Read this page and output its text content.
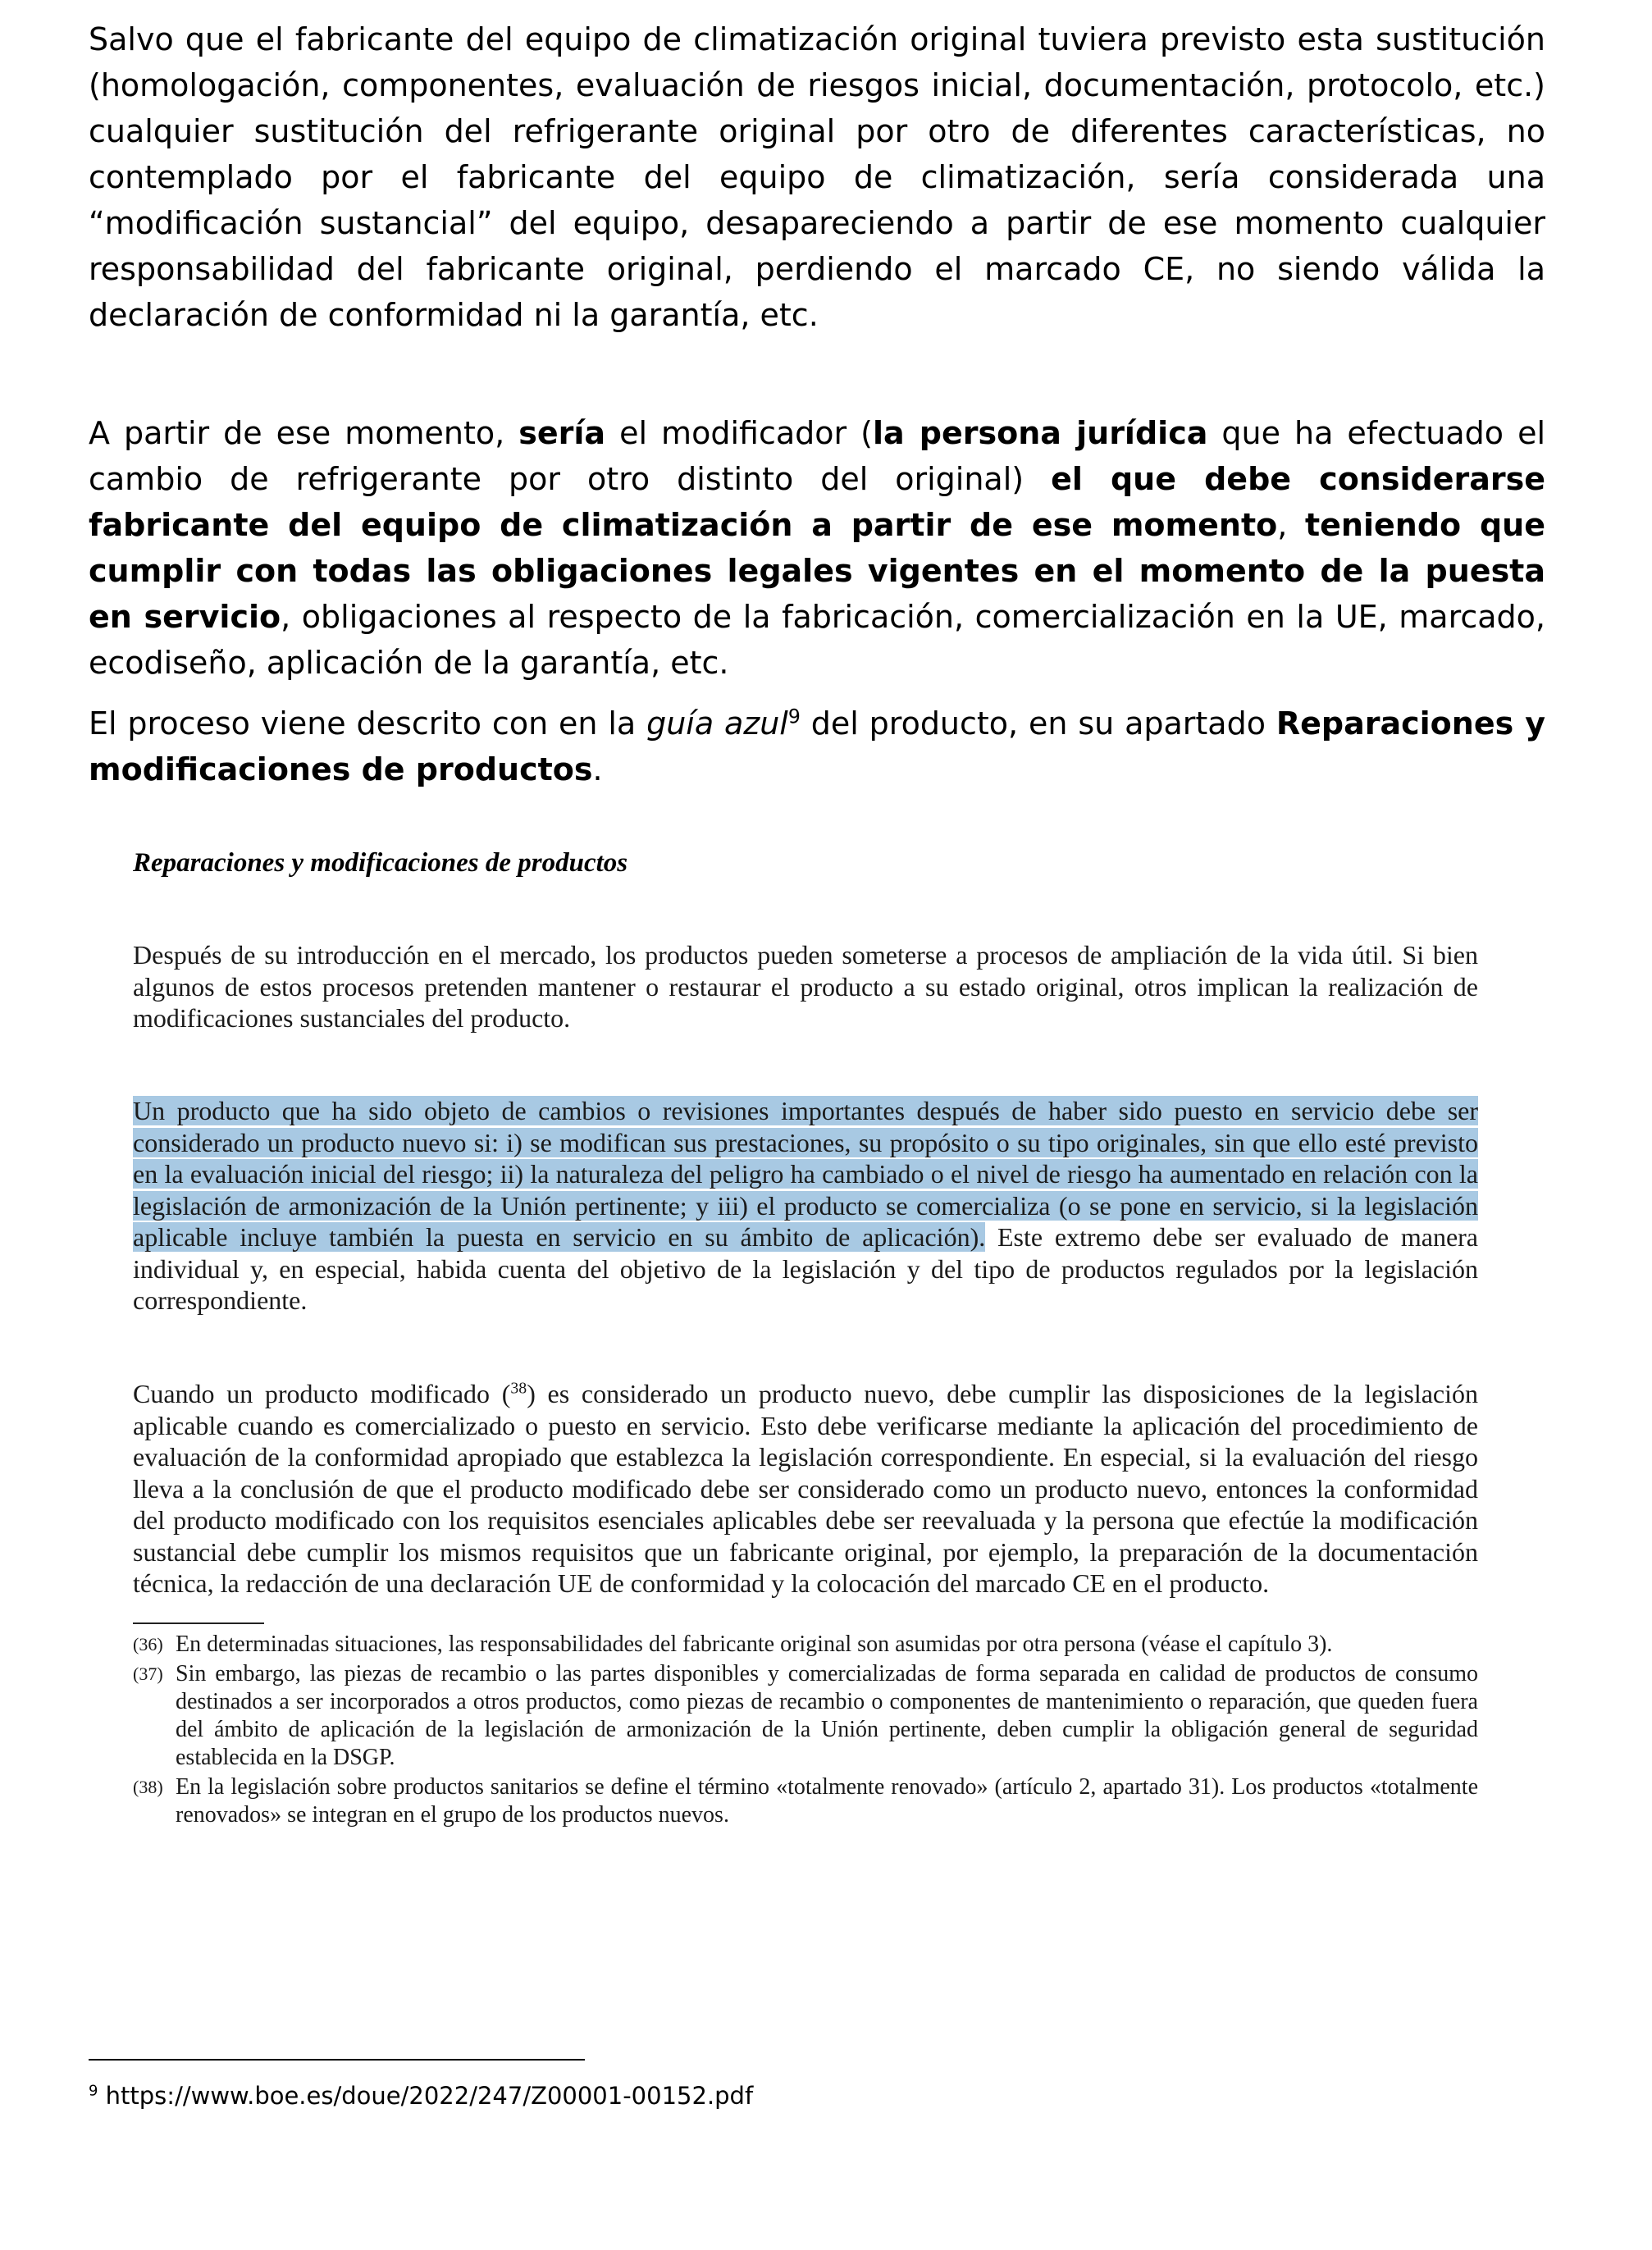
Salvo que el fabricante del equipo de climatización original tuviera previsto esta sustitución (homologación, componentes, evaluación de riesgos inicial, documentación, protocolo, etc.) cualquier sustitución del refrigerante original por otro de diferentes características, no contemplado por el fabricante del equipo de climatización, sería considerada una “modificación sustancial” del equipo, desapareciendo a partir de ese momento cualquier responsabilidad del fabricante original, perdiendo el marcado CE, no siendo válida la declaración de conformidad ni la garantía, etc.

A partir de ese momento, sería el modificador (la persona jurídica que ha efectuado el cambio de refrigerante por otro distinto del original) el que debe considerarse fabricante del equipo de climatización a partir de ese momento, teniendo que cumplir con todas las obligaciones legales vigentes en el momento de la puesta en servicio, obligaciones al respecto de la fabricación, comercialización en la UE, marcado, ecodiseño, aplicación de la garantía, etc.

El proceso viene descrito con en la guía azul$^9$ del producto, en su apartado Reparaciones y modificaciones de productos.

Reparaciones y modificaciones de productos

Después de su introducción en el mercado, los productos pueden someterse a procesos de ampliación de la vida útil. Si bien algunos de estos procesos pretenden mantener o restaurar el producto a su estado original, otros implican la realización de modificaciones sustanciales del producto.

Un producto que ha sido objeto de cambios o revisiones importantes después de haber sido puesto en servicio debe ser considerado un producto nuevo si: i) se modifican sus prestaciones, su propósito o su tipo originales, sin que ello esté previsto en la evaluación inicial del riesgo; ii) la naturaleza del peligro ha cambiado o el nivel de riesgo ha aumentado en relación con la legislación de armonización de la Unión pertinente; y iii) el producto se comercializa (o se pone en servicio, si la legislación aplicable incluye también la puesta en servicio en su ámbito de aplicación). Este extremo debe ser evaluado de manera individual y, en especial, habida cuenta del objetivo de la legislación y del tipo de productos regulados por la legislación correspondiente.

Cuando un producto modificado ($^{38}$) es considerado un producto nuevo, debe cumplir las disposiciones de la legislación aplicable cuando es comercializado o puesto en servicio. Esto debe verificarse mediante la aplicación del procedimiento de evaluación de la conformidad apropiado que establezca la legislación correspondiente. En especial, si la evaluación del riesgo lleva a la conclusión de que el producto modificado debe ser considerado como un producto nuevo, entonces la conformidad del producto modificado con los requisitos esenciales aplicables debe ser reevaluada y la persona que efectúe la modificación sustancial debe cumplir los mismos requisitos que un fabricante original, por ejemplo, la preparación de la documentación técnica, la redacción de una declaración UE de conformidad y la colocación del marcado CE en el producto.

(36) En determinadas situaciones, las responsabilidades del fabricante original son asumidas por otra persona (véase el capítulo 3).
(37) Sin embargo, las piezas de recambio o las partes disponibles y comercializadas de forma separada en calidad de productos de consumo destinados a ser incorporados a otros productos, como piezas de recambio o componentes de mantenimiento o reparación, que queden fuera del ámbito de aplicación de la legislación de armonización de la Unión pertinente, deben cumplir la obligación general de seguridad establecida en la DSGP.
(38) En la legislación sobre productos sanitarios se define el término «totalmente renovado» (artículo 2, apartado 31). Los productos «totalmente renovados» se integran en el grupo de los productos nuevos.

$^9$ https://www.boe.es/doue/2022/247/Z00001-00152.pdf
